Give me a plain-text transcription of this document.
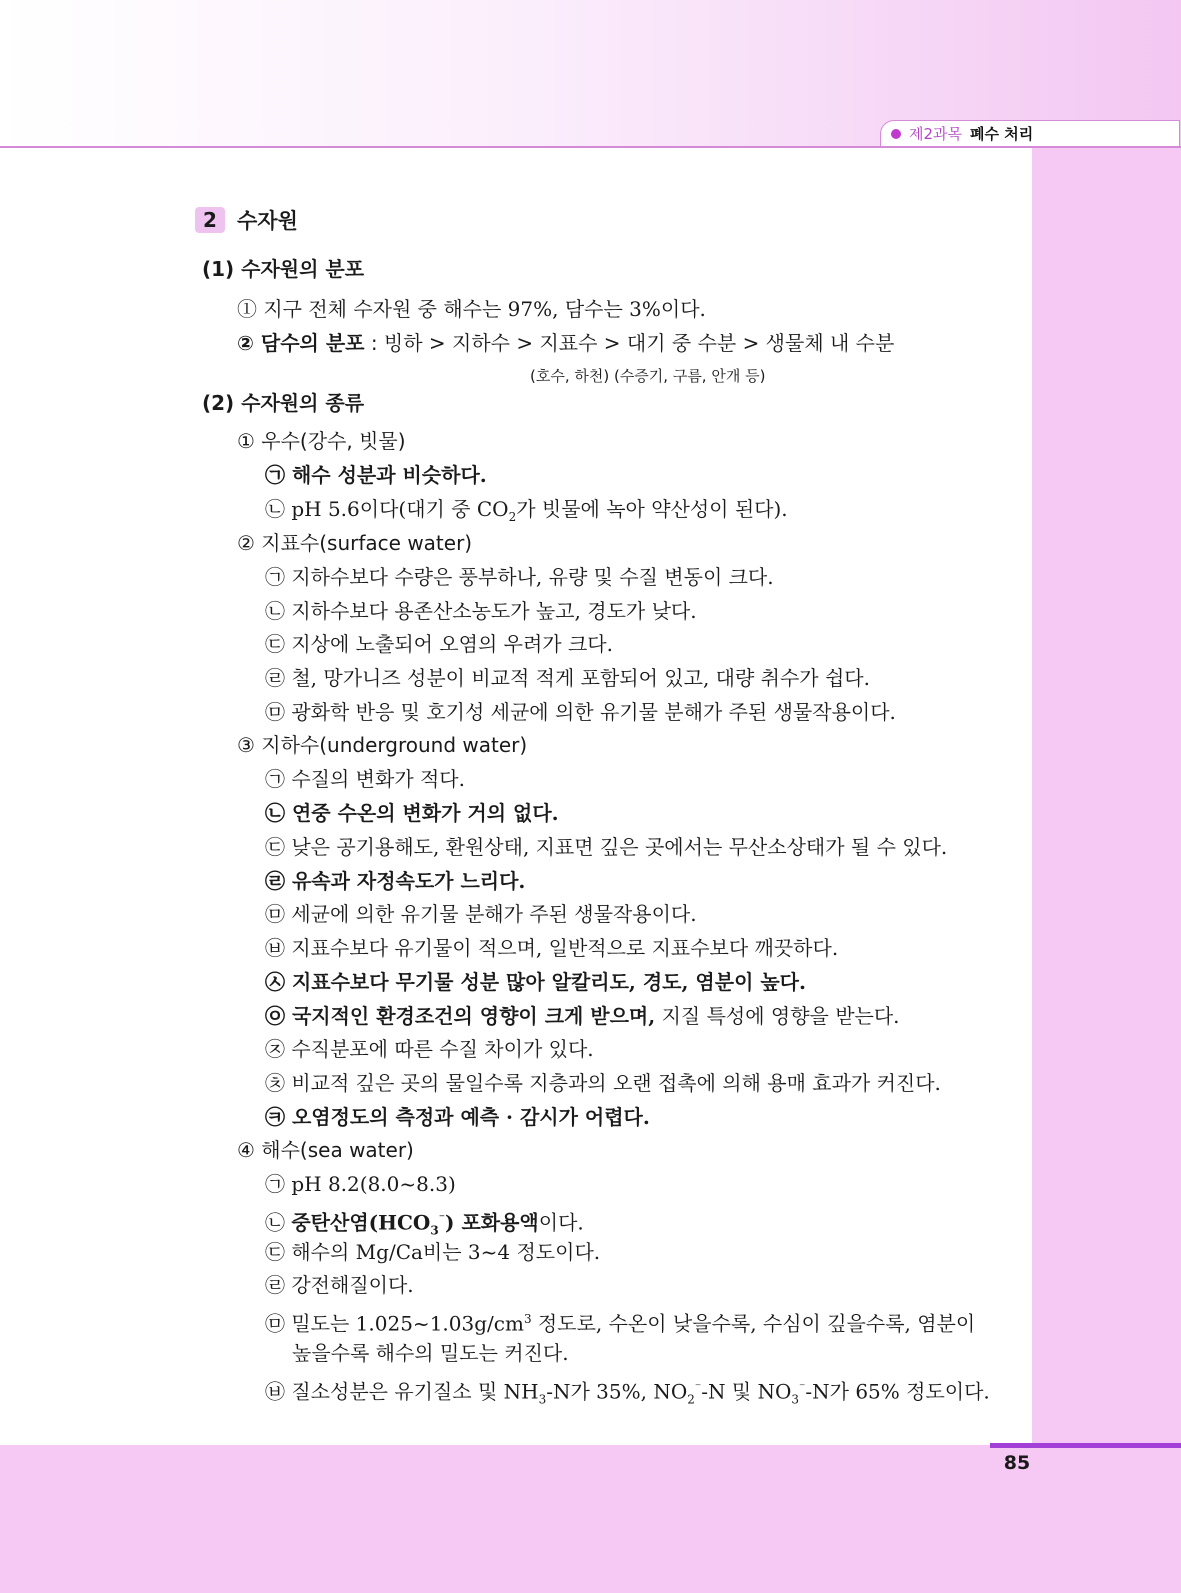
제2과목 폐수 처리
85
2 수자원
(1) 수자원의 분포
① 지구 전체 수자원 중 해수는 97%, 담수는 3%이다.
② 담수의 분포 : 빙하 > 지하수 > 지표수 > 대기 중 수분 > 생물체 내 수분
(호수, 하천) (수증기, 구름, 안개 등)
(2) 수자원의 종류
① 우수(강수, 빗물)
㉠ 해수 성분과 비슷하다.
㉡ pH 5.6이다(대기 중 $CO_2$가 빗물에 녹아 약산성이 된다).
② 지표수(surface water)
㉠ 지하수보다 수량은 풍부하나, 유량 및 수질 변동이 크다.
㉡ 지하수보다 용존산소농도가 높고, 경도가 낮다.
㉢ 지상에 노출되어 오염의 우려가 크다.
㉣ 철, 망가니즈 성분이 비교적 적게 포함되어 있고, 대량 취수가 쉽다.
㉤ 광화학 반응 및 호기성 세균에 의한 유기물 분해가 주된 생물작용이다.
③ 지하수(underground water)
㉠ 수질의 변화가 적다.
㉡ 연중 수온의 변화가 거의 없다.
㉢ 낮은 공기용해도, 환원상태, 지표면 깊은 곳에서는 무산소상태가 될 수 있다.
㉣ 유속과 자정속도가 느리다.
㉤ 세균에 의한 유기물 분해가 주된 생물작용이다.
㉥ 지표수보다 유기물이 적으며, 일반적으로 지표수보다 깨끗하다.
㉦ 지표수보다 무기물 성분 많아 알칼리도, 경도, 염분이 높다.
㉧ 국지적인 환경조건의 영향이 크게 받으며, 지질 특성에 영향을 받는다.
㉨ 수직분포에 따른 수질 차이가 있다.
㉩ 비교적 깊은 곳의 물일수록 지층과의 오랜 접촉에 의해 용매 효과가 커진다.
㉪ 오염정도의 측정과 예측 · 감시가 어렵다.
④ 해수(sea water)
㉠ pH 8.2(8.0~8.3)
㉡ 중탄산염$(HCO_3^{^-})$ 포화용액이다.
㉢ 해수의 Mg/Ca비는 3~4 정도이다.
㉣ 강전해질이다.
㉤ 밀도는 $1.025\sim 1.03g/cm^3$ 정도로, 수온이 낮을수록, 수심이 깊을수록, 염분이
높을수록 해수의 밀도는 커진다.
㉥ 질소성분은 유기질소 및 $NH_3-N$가 35%, $NO_2^{^-}-N$ 및 $NO_3^{^-}-N$가 65% 정도이다.
